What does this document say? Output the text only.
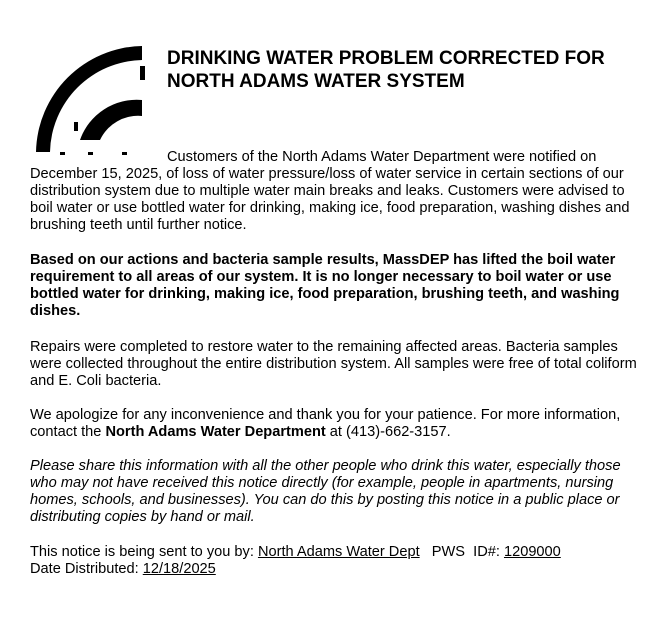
DRINKING WATER PROBLEM CORRECTED FOR
NORTH ADAMS WATER SYSTEM

Customers of the North Adams Water Department were notified on December 15, 2025, of loss of water pressure/loss of water service in certain sections of our distribution system due to multiple water main breaks and leaks. Customers were advised to boil water or use bottled water for drinking, making ice, food preparation, washing dishes and brushing teeth until further notice.

Based on our actions and bacteria sample results, MassDEP has lifted the boil water requirement to all areas of our system. It is no longer necessary to boil water or use bottled water for drinking, making ice, food preparation, brushing teeth, and washing dishes.

Repairs were completed to restore water to the remaining affected areas. Bacteria samples were collected throughout the entire distribution system. All samples were free of total coliform and E. Coli bacteria.

We apologize for any inconvenience and thank you for your patience. For more information, contact the North Adams Water Department at (413)-662-3157.

Please share this information with all the other people who drink this water, especially those who may not have received this notice directly (for example, people in apartments, nursing homes, schools, and businesses). You can do this by posting this notice in a public place or distributing copies by hand or mail.

This notice is being sent to you by: North Adams Water Dept   PWS  ID#: 1209000
Date Distributed: 12/18/2025
